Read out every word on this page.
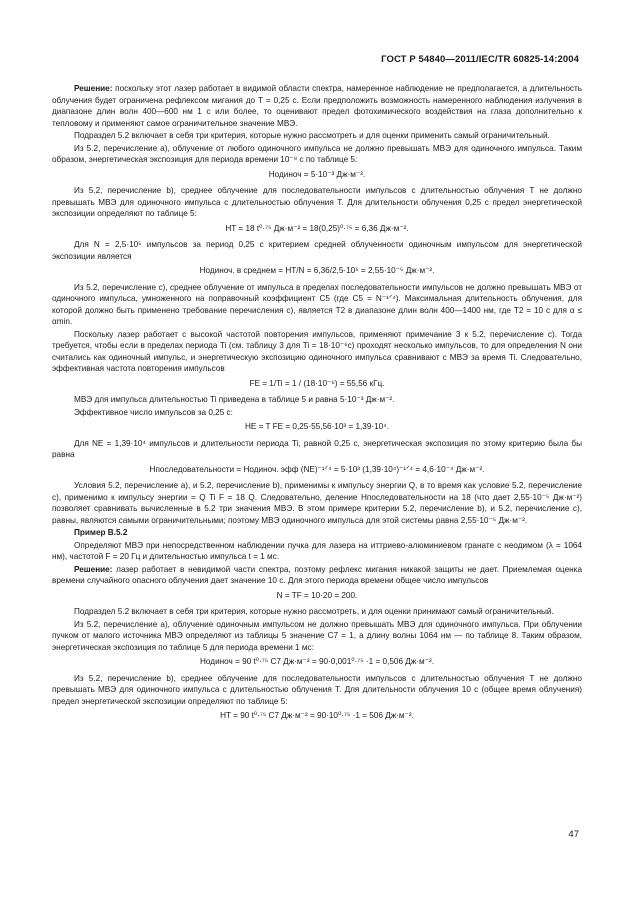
ГОСТ Р 54840—2011/IEC/TR 60825-14:2004

Решение: поскольку этот лазер работает в видимой области спектра, намеренное наблюдение не предполагается, а длительность облучения будет ограничена рефлексом мигания до T = 0,25 с. Если предположить возможность намеренного наблюдения излучения в диапазоне длин волн 400—600 нм 1 с или более, то оценивают предел фотохимического воздействия на глаза дополнительно к тепловому и применяют самое ограничительное значение МВЭ.

Подраздел 5.2 включает в себя три критерия, которые нужно рассмотреть и для оценки применить самый ограничительный.

Из 5.2, перечисление a), облучение от любого одиночного импульса не должно превышать МВЭ для одиночного импульса. Таким образом, энергетическая экспозиция для периода времени 10⁻⁸ с по таблице 5:

Hодиноч = 5·10⁻³ Дж·м⁻².

Из 5.2, перечисление b), среднее облучение для последовательности импульсов с длительностью облучения T не должно превышать МВЭ для одиночного импульса с длительностью облучения T. Для длительности облучения 0,25 с предел энергетической экспозиции определяют по таблице 5:

HT = 18 t⁰·⁷⁵ Дж·м⁻² = 18(0,25)⁰·⁷⁵ = 6,36 Дж·м⁻².

Для N = 2,5·10⁵ импульсов за период 0,25 с критерием средней облученности одиночным импульсом для энергетической экспозиции является

Hодиноч. в среднем = HT/N = 6,36/2,5·10⁵ = 2,55·10⁻⁵ Дж·м⁻².

Из 5.2, перечисление c), среднее облучение от импульса в пределах последовательности импульсов не должно превышать МВЭ от одиночного импульса, умноженного на поправочный коэффициент C5 (где C5 = N⁻¹ᐟ⁴). Максимальная длительность облучения, для которой должно быть применено требование перечисления c), является T2 в диапазоне длин волн 400—1400 нм, где T2 = 10 с для α ≤ αmin.

Поскольку лазер работает с высокой частотой повторения импульсов, применяют примечание 3 к 5.2, перечисление c). Тогда требуется, чтобы если в пределах периода Ti (см. таблицу 3 для Ti = 18·10⁻⁶с) проходят несколько импульсов, то для определения N они считались как одиночный импульс, и энергетическую экспозицию одиночного импульса сравнивают с МВЭ за время Ti. Следовательно, эффективная частота повторения импульсов

FE = 1/Ti = 1 / (18·10⁻⁶) = 55,56 кГц.

МВЭ для импульса длительностью Ti приведена в таблице 5 и равна 5·10⁻³ Дж·м⁻².

Эффективное число импульсов за 0,25 с:

HE = T FE = 0,25·55,56·10³ = 1,39·10⁴.

Для NE = 1,39·10⁴ импульсов и длительности периода Ti, равной 0,25 с, энергетическая экспозиция по этому критерию была бы равна

Hпоследовательности = Hодиноч. эфф (NE)⁻¹ᐟ⁴ = 5·10³ (1,39·10⁴)⁻¹ᐟ⁴ = 4,6·10⁻⁴ Дж·м⁻².

Условия 5.2, перечисление a), и 5.2, перечисление b), применимы к импульсу энергии Q, в то время как условие 5.2, перечисление c), применимо к импульсу энергии = Q Ti F = 18 Q. Следовательно, деление Hпоследовательности на 18 (что дает 2,55·10⁻⁵ Дж·м⁻²) позволяет сравнивать вычисленные в 5.2 три значения МВЭ. В этом примере критерии 5.2, перечисление b), и 5.2, перечисление c), равны, являются самыми ограничительными; поэтому МВЭ одиночного импульса для этой системы равна 2,55·10⁻⁵ Дж·м⁻².

Пример B.5.2

Определяют МВЭ при непосредственном наблюдении пучка для лазера на иттриево-алюминиевом гранате с неодимом (λ = 1064 нм), частотой F = 20 Гц и длительностью импульса t = 1 мс.

Решение: лазер работает в невидимой части спектра, поэтому рефлекс мигания никакой защиты не дает. Приемлемая оценка времени случайного опасного облучения дает значение 10 с. Для этого периода времени общее число импульсов

N = TF = 10·20 = 200.

Подраздел 5.2 включает в себя три критерия, которые нужно рассмотреть, и для оценки принимают самый ограничительный.

Из 5.2, перечисление a), облучение одиночным импульсом не должно превышать МВЭ для одиночного импульса. При облучении пучком от малого источника МВЭ определяют из таблицы 5 значение C7 = 1, а длину волны 1064 нм — по таблице 8. Таким образом, энергетическая экспозиция по таблице 5 для периода времени 1 мс:

Hодиноч = 90 t⁰·⁷⁵ C7 Дж·м⁻² = 90·0,001⁰·⁷⁵ ·1 = 0,506 Дж·м⁻².

Из 5.2, перечисление b), среднее облучение для последовательности импульсов с длительностью облучения T не должно превышать МВЭ для одиночного импульса с длительностью облучения T. Для длительности облучения 10 с (общее время облучения) предел энергетической экспозиции определяют по таблице 5:

HT = 90 t⁰·⁷⁵ C7 Дж·м⁻² = 90·10⁰·⁷⁵ ·1 = 506 Дж·м⁻².

47
